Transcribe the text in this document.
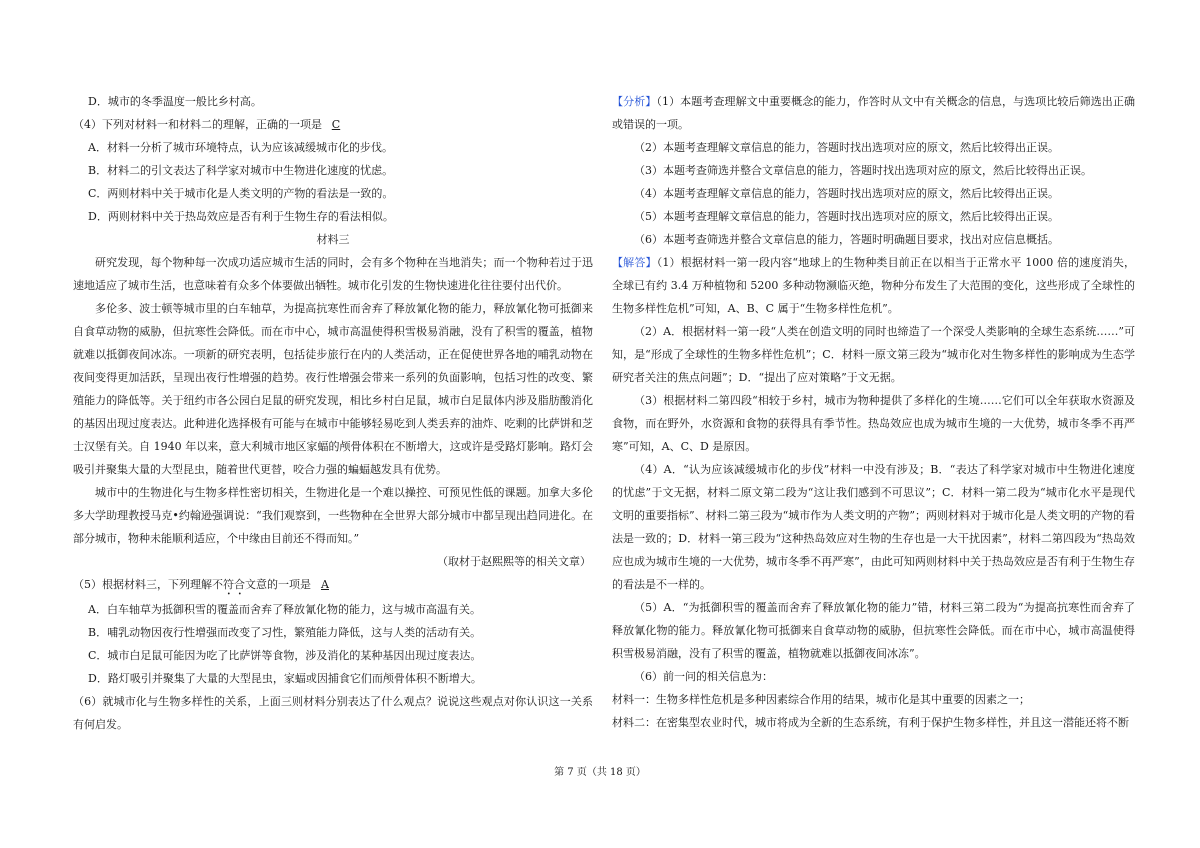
D．城市的冬季温度一般比乡村高。

（4）下列对材料一和材料二的理解，正确的一项是 C

A．材料一分析了城市环境特点，认为应该减缓城市化的步伐。

B．材料二的引文表达了科学家对城市中生物进化速度的忧虑。

C．两则材料中关于城市化是人类文明的产物的看法是一致的。

D．两则材料中关于热岛效应是否有利于生物生存的看法相似。

材料三

研究发现，每个物种每一次成功适应城市生活的同时，会有多个物种在当地消失；而一个物种若过于迅速地适应了城市生活，也意味着有众多个体要做出牺牲。城市化引发的生物快速进化往往要付出代价。

多伦多、波士顿等城市里的白车轴草，为提高抗寒性而舍弃了释放氰化物的能力，释放氰化物可抵御来自食草动物的威胁，但抗寒性会降低。而在市中心，城市高温使得积雪极易消融，没有了积雪的覆盖，植物就难以抵御夜间冰冻。一项新的研究表明，包括徒步旅行在内的人类活动，正在促使世界各地的哺乳动物在夜间变得更加活跃，呈现出夜行性增强的趋势。夜行性增强会带来一系列的负面影响，包括习性的改变、繁殖能力的降低等。关于纽约市各公园白足鼠的研究发现，相比乡村白足鼠，城市白足鼠体内涉及脂肪酸消化的基因出现过度表达。此种进化选择极有可能与在城市中能够轻易吃到人类丢弃的油炸、吃剩的比萨饼和芝士汉堡有关。自 1940 年以来，意大利城市地区家蝠的颅骨体积在不断增大，这或许是受路灯影响。路灯会吸引并聚集大量的大型昆虫，随着世代更替，咬合力强的蝙蝠越发具有优势。

城市中的生物进化与生物多样性密切相关，生物进化是一个难以操控、可预见性低的课题。加拿大多伦多大学助理教授马克•约翰逊强调说：“我们观察到，一些物种在全世界大部分城市中都呈现出趋同进化。在部分城市，物种未能顺利适应，个中缘由目前还不得而知。”

（取材于赵熙熙等的相关文章）

（5）根据材料三，下列理解不符合文意的一项是 A

A．白车轴草为抵御积雪的覆盖而舍弃了释放氰化物的能力，这与城市高温有关。

B．哺乳动物因夜行性增强而改变了习性，繁殖能力降低，这与人类的活动有关。

C．城市白足鼠可能因为吃了比萨饼等食物，涉及消化的某种基因出现过度表达。

D．路灯吸引并聚集了大量的大型昆虫，家蝠或因捕食它们而颅骨体积不断增大。

（6）就城市化与生物多样性的关系，上面三则材料分别表达了什么观点？说说这些观点对你认识这一关系有何启发。

【分析】（1）本题考查理解文中重要概念的能力，作答时从文中有关概念的信息，与选项比较后筛选出正确或错误的一项。

（2）本题考查理解文章信息的能力，答题时找出选项对应的原文，然后比较得出正误。

（3）本题考查筛选并整合文章信息的能力，答题时找出选项对应的原文，然后比较得出正误。

（4）本题考查理解文章信息的能力，答题时找出选项对应的原文，然后比较得出正误。

（5）本题考查理解文章信息的能力，答题时找出选项对应的原文，然后比较得出正误。

（6）本题考查筛选并整合文章信息的能力，答题时明确题目要求，找出对应信息概括。

【解答】（1）根据材料一第一段内容“地球上的生物种类目前正在以相当于正常水平 1000 倍的速度消失，全球已有约 3.4 万种植物和 5200 多种动物濒临灭绝，物种分布发生了大范围的变化，这些形成了全球性的生物多样性危机”可知，A、B、C 属于“生物多样性危机”。

（2）A．根据材料一第一段“人类在创造文明的同时也缔造了一个深受人类影响的全球生态系统……”可知，是“形成了全球性的生物多样性危机”；C．材料一原文第三段为“城市化对生物多样性的影响成为生态学研究者关注的焦点问题”；D．“提出了应对策略”于文无据。

（3）根据材料二第四段“相较于乡村，城市为物种提供了多样化的生境……它们可以全年获取水资源及食物，而在野外，水资源和食物的获得具有季节性。热岛效应也成为城市生境的一大优势，城市冬季不再严寒”可知，A、C、D 是原因。

（4）A．“认为应该减缓城市化的步伐”材料一中没有涉及；B．“表达了科学家对城市中生物进化速度的忧虑”于文无据，材料二原文第二段为“这让我们感到不可思议”；C．材料一第二段为“城市化水平是现代文明的重要指标”、材料二第三段为“城市作为人类文明的产物”；两则材料对于城市化是人类文明的产物的看法是一致的；D．材料一第三段为“这种热岛效应对生物的生存也是一大干扰因素”，材料二第四段为“热岛效应也成为城市生境的一大优势，城市冬季不再严寒”，由此可知两则材料中关于热岛效应是否有利于生物生存的看法是不一样的。

（5）A．“为抵御积雪的覆盖而舍弃了释放氰化物的能力”错，材料三第二段为“为提高抗寒性而舍弃了释放氰化物的能力。释放氰化物可抵御来自食草动物的威胁，但抗寒性会降低。而在市中心，城市高温使得积雪极易消融，没有了积雪的覆盖，植物就难以抵御夜间冰冻”。

（6）前一问的相关信息为：

材料一：生物多样性危机是多种因素综合作用的结果，城市化是其中重要的因素之一；

材料二：在密集型农业时代，城市将成为全新的生态系统，有利于保护生物多样性，并且这一潜能还将不断

第 7 页（共 18 页）
